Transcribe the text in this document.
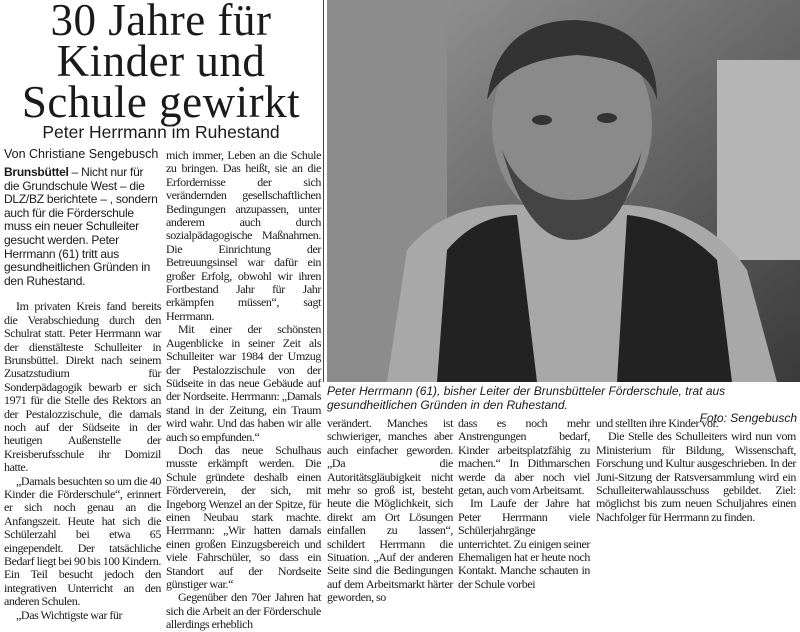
30 Jahre für
Kinder und
Schule gewirkt
Peter Herrmann im Ruhestand
Von Christiane Sengebusch
Brunsbüttel – Nicht nur für die Grundschule West – die DLZ/BZ berichtete – , sondern auch für die Förderschule muss ein neuer Schulleiter gesucht werden. Peter Herrmann (61) tritt aus gesundheitlichen Gründen in den Ruhestand.

Im privaten Kreis fand bereits die Verabschiedung durch den Schulrat statt. Peter Herrmann war der dienstälteste Schulleiter in Brunsbüttel. Direkt nach seinem Zusatzstudium für Sonderpädagogik bewarb er sich 1971 für die Stelle des Rektors an der Pestalozzischule, die damals noch auf der Südseite in der heutigen Außenstelle der Kreisberufsschule ihr Domizil hatte.

„Damals besuchten so um die 40 Kinder die Förderschule“, erinnert er sich noch genau an die Anfangszeit. Heute hat sich die Schülerzahl bei etwa 65 eingependelt. Der tatsächliche Bedarf liegt bei 90 bis 100 Kindern. Ein Teil besucht jedoch den integrativen Unterricht an den anderen Schulen.

„Das Wichtigste war für

mich immer, Leben an die Schule zu bringen. Das heißt, sie an die Erfordernisse der sich verändernden gesellschaftlichen Bedingungen anzupassen, unter anderem auch durch sozialpädagogische Maßnahmen. Die Einrichtung der Betreuungsinsel war dafür ein großer Erfolg, obwohl wir ihren Fortbestand Jahr für Jahr erkämpfen müssen“, sagt Herrmann.

Mit einer der schönsten Augenblicke in seiner Zeit als Schulleiter war 1984 der Umzug der Pestalozzischule von der Südseite in das neue Gebäude auf der Nordseite. Herrmann: „Damals stand in der Zeitung, ein Traum wird wahr. Und das haben wir alle auch so empfunden.“

Doch das neue Schulhaus musste erkämpft werden. Die Schule gründete deshalb einen Förderverein, der sich, mit Ingeborg Wenzel an der Spitze, für einen Neubau stark machte. Herrmann: „Wir hatten damals einen großen Einzugsbereich und viele Fahrschüler, so dass ein Standort auf der Nordseite günstiger war.“

Gegenüber den 70er Jahren hat sich die Arbeit an der Förderschule allerdings erheblich

verändert. Manches ist schwieriger, manches aber auch einfacher geworden. „Da die Autoritätsgläubigkeit nicht mehr so groß ist, besteht heute die Möglichkeit, sich direkt am Ort Lösungen einfallen zu lassen“, schildert Herrmann die Situation. „Auf der anderen Seite sind die Bedingungen auf dem Arbeitsmarkt härter geworden, so

dass es noch mehr Anstrengungen bedarf, Kinder arbeitsplatzfähig zu machen.“ In Dithmarschen werde da aber noch viel getan, auch vom Arbeitsamt.

Im Laufe der Jahre hat Peter Herrmann viele Schülerjahrgänge unterrichtet. Zu einigen seiner Ehemaligen hat er heute noch Kontakt. Manche schauten in der Schule vorbei

und stellten ihre Kinder vor.

Die Stelle des Schulleiters wird nun vom Ministerium für Bildung, Wissenschaft, Forschung und Kultur ausgeschrieben. In der Juni-Sitzung der Ratsversammlung wird ein Schulleiterwahlausschuss gebildet. Ziel: möglichst bis zum neuen Schuljahres einen Nachfolger für Herrmann zu finden.

Peter Herrmann (61), bisher Leiter der Brunsbütteler Förderschule, trat aus gesundheitlichen Gründen in den Ruhestand.
Foto: Sengebusch
